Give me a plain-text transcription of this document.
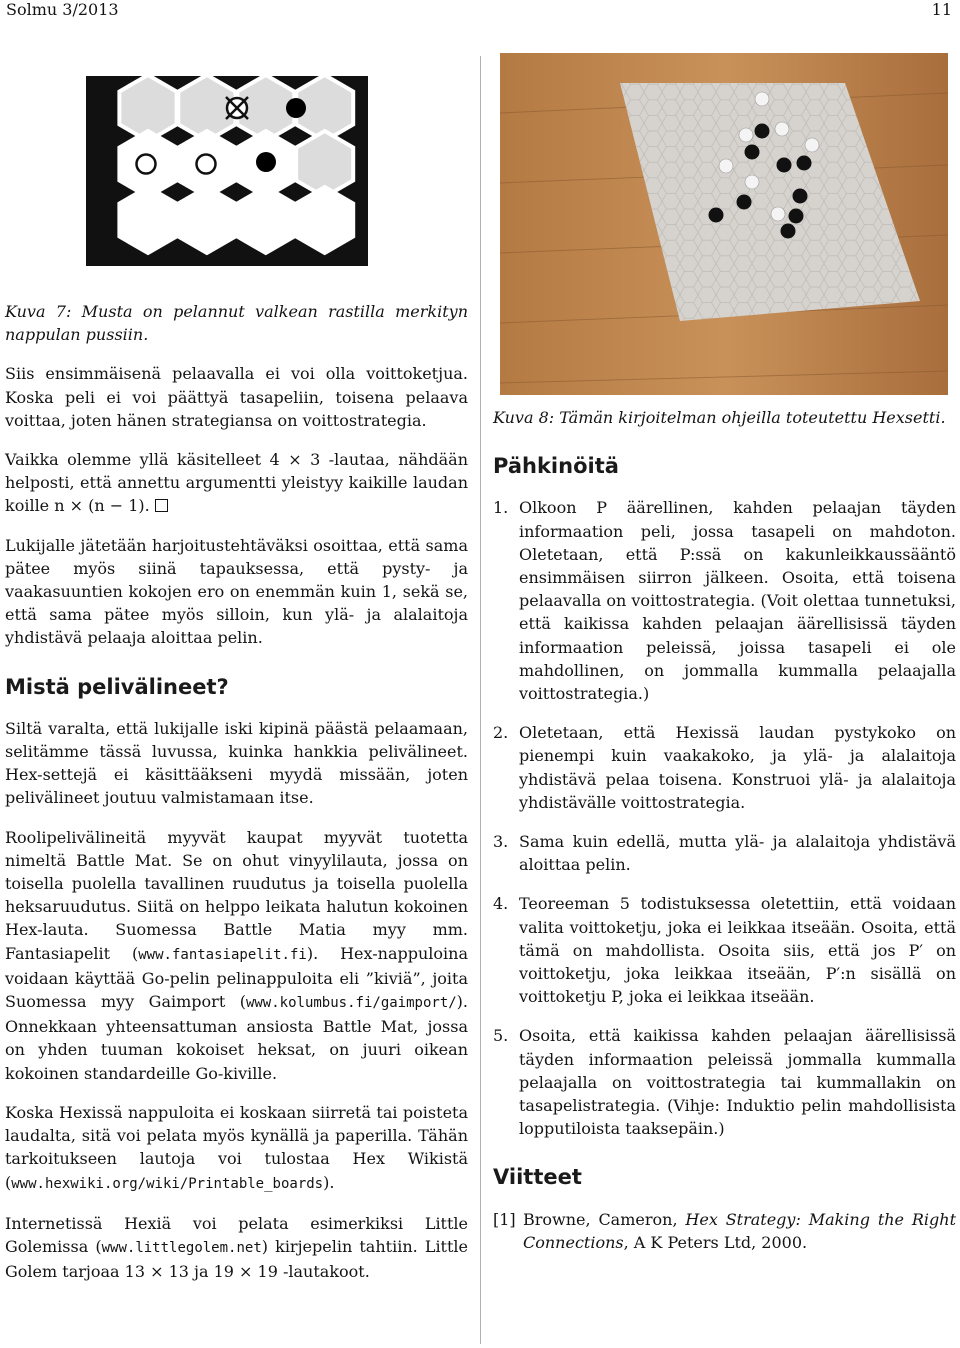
Solmu 3/2013	11

Kuva 7: Musta on pelannut valkean rastilla merkityn nappulan pussiin.

Siis ensimmäisenä pelaavalla ei voi olla voittoketjua. Koska peli ei voi päättyä tasapeliin, toisena pelaava voittaa, joten hänen strategiansa on voittostrategia.

Vaikka olemme yllä käsitelleet 4 × 3 -lautaa, nähdään helposti, että annettu argumentti yleistyy kaikille laudan koille n × (n − 1).

Lukijalle jätetään harjoitustehtäväksi osoittaa, että sama pätee myös siinä tapauksessa, että pysty- ja vaakasuuntien kokojen ero on enemmän kuin 1, sekä se, että sama pätee myös silloin, kun ylä- ja alalaitoja yhdistävä pelaaja aloittaa pelin.

Mistä pelivälineet?

Siltä varalta, että lukijalle iski kipinä päästä pelaamaan, selitämme tässä luvussa, kuinka hankkia pelivälineet. Hex-settejä ei käsittääkseni myydä missään, joten pelivälineet joutuu valmistamaan itse.

Roolipelivälineitä myyvät kaupat myyvät tuotetta nimeltä Battle Mat. Se on ohut vinyylilauta, jossa on toisella puolella tavallinen ruudutus ja toisella puolella heksaruudutus. Siitä on helppo leikata halutun kokoinen Hex-lauta. Suomessa Battle Matia myy mm. Fantasiapelit (www.fantasiapelit.fi). Hex-nappuloina voidaan käyttää Go-pelin pelinappuloita eli ”kiviä”, joita Suomessa myy Gaimport (www.kolumbus.fi/gaimport/). Onnekkaan yhteensattuman ansiosta Battle Mat, jossa on yhden tuuman kokoiset heksat, on juuri oikean kokoinen standardeille Go-kiville.

Koska Hexissä nappuloita ei koskaan siirretä tai poisteta laudalta, sitä voi pelata myös kynällä ja paperilla. Tähän tarkoitukseen lautoja voi tulostaa Hex Wikistä (www.hexwiki.org/wiki/Printable_boards).

Internetissä Hexiä voi pelata esimerkiksi Little Golemissa (www.littlegolem.net) kirjepelin tahtiin. Little Golem tarjoaa 13 × 13 ja 19 × 19 -lautakoot.

Kuva 8: Tämän kirjoitelman ohjeilla toteutettu Hexsetti.

Pähkinöitä
1. Olkoon P äärellinen, kahden pelaajan täyden informaation peli, jossa tasapeli on mahdoton. Oletetaan, että P:ssä on kakunleikkaussääntö ensimmäisen siirron jälkeen. Osoita, että toisena pelaavalla on voittostrategia. (Voit olettaa tunnetuksi, että kaikissa kahden pelaajan äärellisissä täyden informaation peleissä, joissa tasapeli ei ole mahdollinen, on jommalla kummalla pelaajalla voittostrategia.)
2. Oletetaan, että Hexissä laudan pystykoko on pienempi kuin vaakakoko, ja ylä- ja alalaitoja yhdistävä pelaa toisena. Konstruoi ylä- ja alalaitoja yhdistävälle voittostrategia.
3. Sama kuin edellä, mutta ylä- ja alalaitoja yhdistävä aloittaa pelin.
4. Teoreeman 5 todistuksessa oletettiin, että voidaan valita voittoketju, joka ei leikkaa itseään. Osoita, että tämä on mahdollista. Osoita siis, että jos P′ on voittoketju, joka leikkaa itseään, P′:n sisällä on voittoketju P, joka ei leikkaa itseään.
5. Osoita, että kaikissa kahden pelaajan äärellisissä täyden informaation peleissä jommalla kummalla pelaajalla on voittostrategia tai kummallakin on tasapelistrategia. (Vihje: Induktio pelin mahdollisista lopputiloista taaksepäin.)
Viitteet
[1] Browne, Cameron, Hex Strategy: Making the Right Connections, A K Peters Ltd, 2000.
